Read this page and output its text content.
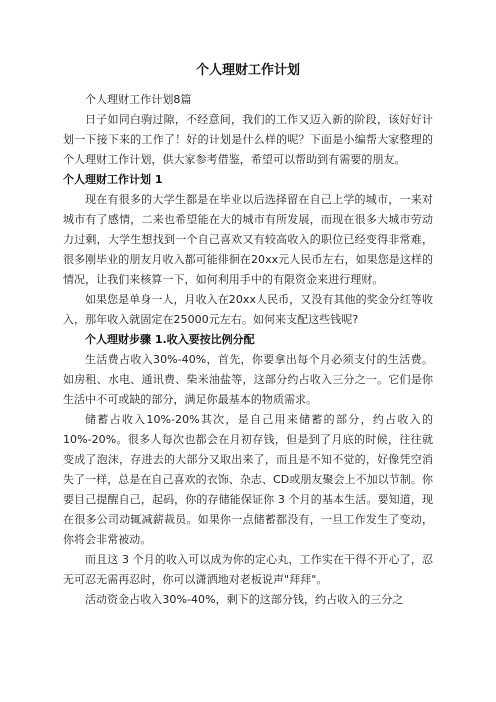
个人理财工作计划

个人理财工作计划8篇

日子如同白驹过隙，不经意间，我们的工作又迈入新的阶段，该好好计划一下接下来的工作了！好的计划是什么样的呢？下面是小编帮大家整理的个人理财工作计划，供大家参考借鉴，希望可以帮助到有需要的朋友。

个人理财工作计划 1

现在有很多的大学生都是在毕业以后选择留在自己上学的城市，一来对城市有了感情，二来也希望能在大的城市有所发展，而现在很多大城市劳动力过剩，大学生想找到一个自己喜欢又有较高收入的职位已经变得非常难，很多刚毕业的朋友月收入都可能徘徊在20xx元人民币左右，如果您是这样的情况，让我们来核算一下，如何利用手中的有限资金来进行理财。

如果您是单身一人，月收入在20xx人民币，又没有其他的奖金分红等收入，那年收入就固定在25000元左右。如何来支配这些钱呢?

个人理财步骤 1.收入要按比例分配

生活费占收入30%-40%，首先，你要拿出每个月必须支付的生活费。如房租、水电、通讯费、柴米油盐等，这部分约占收入三分之一。它们是你生活中不可或缺的部分，满足你最基本的物质需求。

储蓄占收入10%-20%其次，是自己用来储蓄的部分，约占收入的10%-20%。很多人每次也都会在月初存钱，但是到了月底的时候，往往就变成了泡沫，存进去的大部分又取出来了，而且是不知不觉的，好像凭空消失了一样，总是在自己喜欢的衣饰、杂志、CD或朋友聚会上不加以节制。你要目己提醒自己，起码，你的存储能保证你 3 个月的基本生活。要知道，现在很多公司动辄减薪裁员。如果你一点储蓄都没有，一旦工作发生了变动，你将会非常被动。

而且这 3 个月的收入可以成为你的定心丸，工作实在干得不开心了，忍无可忍无需再忍时，你可以潇洒地对老板说声"拜拜"。

活动资金占收入30%-40%，剩下的这部分钱，约占收入的三分之
